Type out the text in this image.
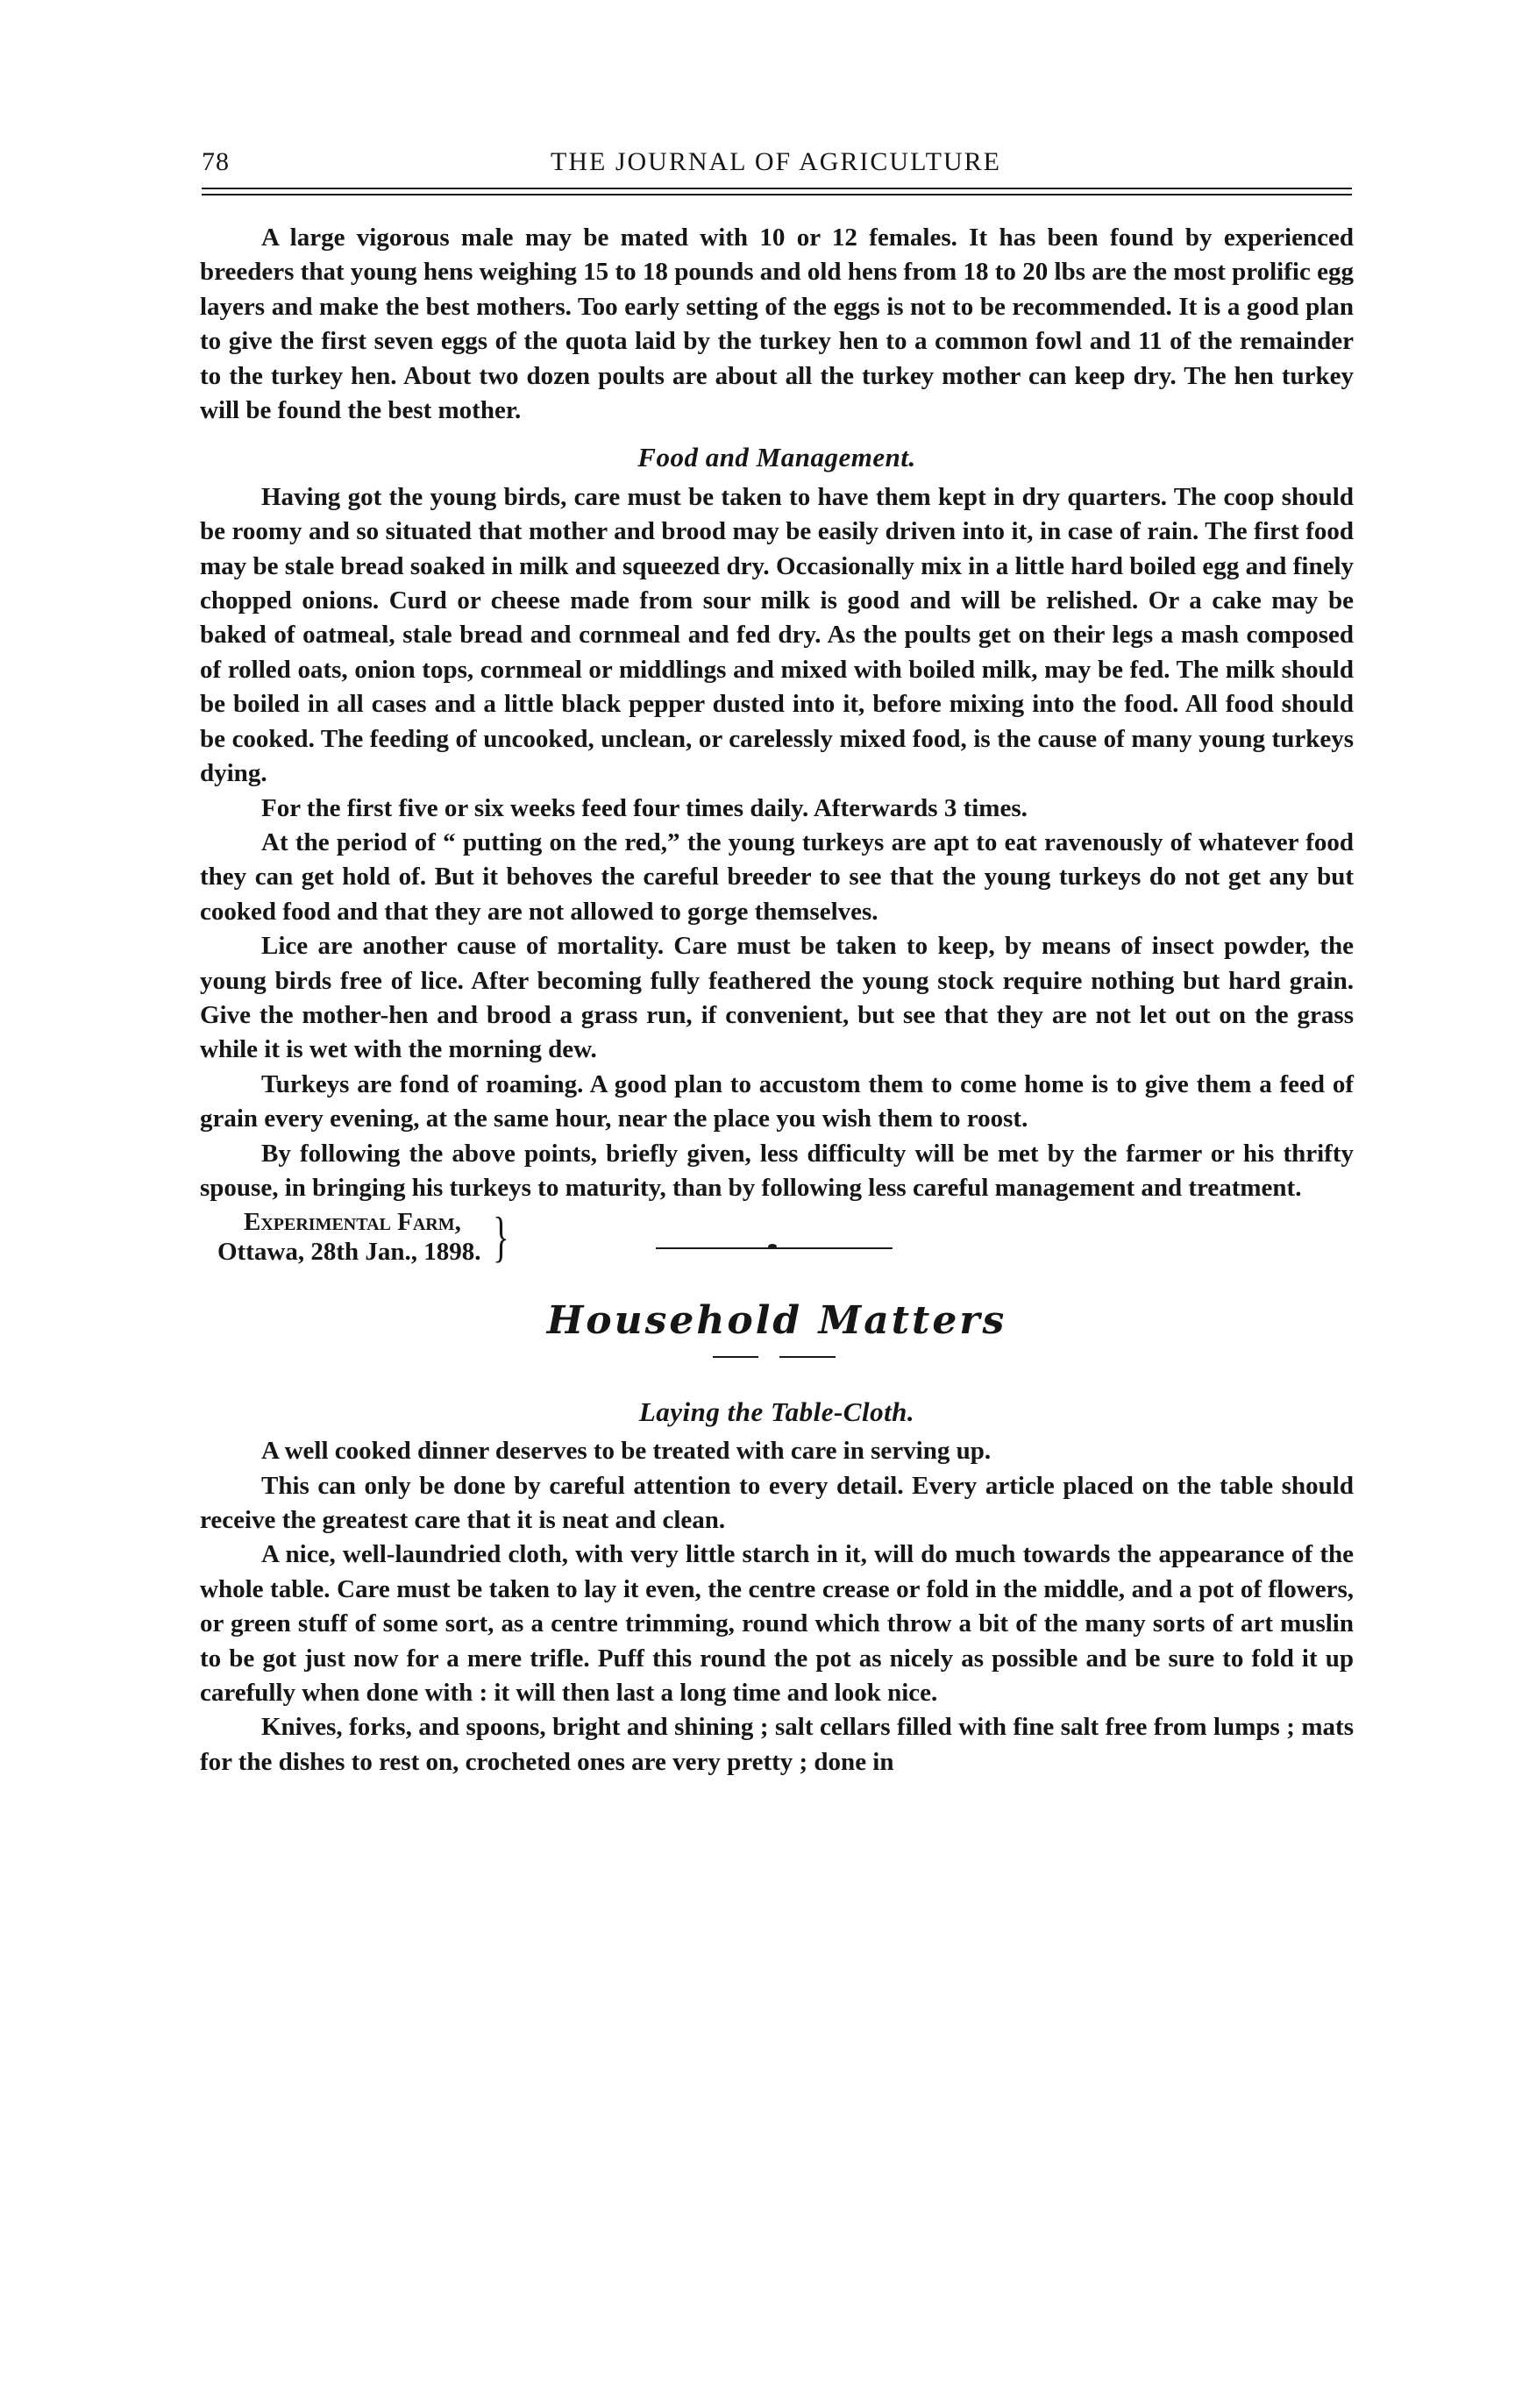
78	THE JOURNAL OF AGRICULTURE

A large vigorous male may be mated with 10 or 12 females. It has been found by experienced breeders that young hens weighing 15 to 18 pounds and old hens from 18 to 20 lbs are the most prolific egg layers and make the best mothers. Too early setting of the eggs is not to be recommended. It is a good plan to give the first seven eggs of the quota laid by the turkey hen to a common fowl and 11 of the remainder to the turkey hen. About two dozen poults are about all the turkey mother can keep dry. The hen turkey will be found the best mother.

Food and Management.

Having got the young birds, care must be taken to have them kept in dry quarters. The coop should be roomy and so situated that mother and brood may be easily driven into it, in case of rain. The first food may be stale bread soaked in milk and squeezed dry. Occasionally mix in a little hard boiled egg and finely chopped onions. Curd or cheese made from sour milk is good and will be relished. Or a cake may be baked of oatmeal, stale bread and cornmeal and fed dry. As the poults get on their legs a mash composed of rolled oats, onion tops, cornmeal or middlings and mixed with boiled milk, may be fed. The milk should be boiled in all cases and a little black pepper dusted into it, before mixing into the food. All food should be cooked. The feeding of uncooked, unclean, or carelessly mixed food, is the cause of many young turkeys dying.

For the first five or six weeks feed four times daily. Afterwards 3 times.

At the period of “ putting on the red,” the young turkeys are apt to eat ravenously of whatever food they can get hold of. But it behoves the careful breeder to see that the young turkeys do not get any but cooked food and that they are not allowed to gorge themselves.

Lice are another cause of mortality. Care must be taken to keep, by means of insect powder, the young birds free of lice. After becoming fully feathered the young stock require nothing but hard grain. Give the mother-hen and brood a grass run, if convenient, but see that they are not let out on the grass while it is wet with the morning dew.

Turkeys are fond of roaming. A good plan to accustom them to come home is to give them a feed of grain every evening, at the same hour, near the place you wish them to roost.

By following the above points, briefly given, less difficulty will be met by the farmer or his thrifty spouse, in bringing his turkeys to maturity, than by following less careful management and treatment.

Experimental Farm,
Ottawa, 28th Jan., 1898. }
Household Matters
Laying the Table-Cloth.

A well cooked dinner deserves to be treated with care in serving up.

This can only be done by careful attention to every detail. Every article placed on the table should receive the greatest care that it is neat and clean.

A nice, well-laundried cloth, with very little starch in it, will do much towards the appearance of the whole table. Care must be taken to lay it even, the centre crease or fold in the middle, and a pot of flowers, or green stuff of some sort, as a centre trimming, round which throw a bit of the many sorts of art muslin to be got just now for a mere trifle. Puff this round the pot as nicely as possible and be sure to fold it up carefully when done with : it will then last a long time and look nice.

Knives, forks, and spoons, bright and shining ; salt cellars filled with fine salt free from lumps ; mats for the dishes to rest on, crocheted ones are very pretty ; done in
